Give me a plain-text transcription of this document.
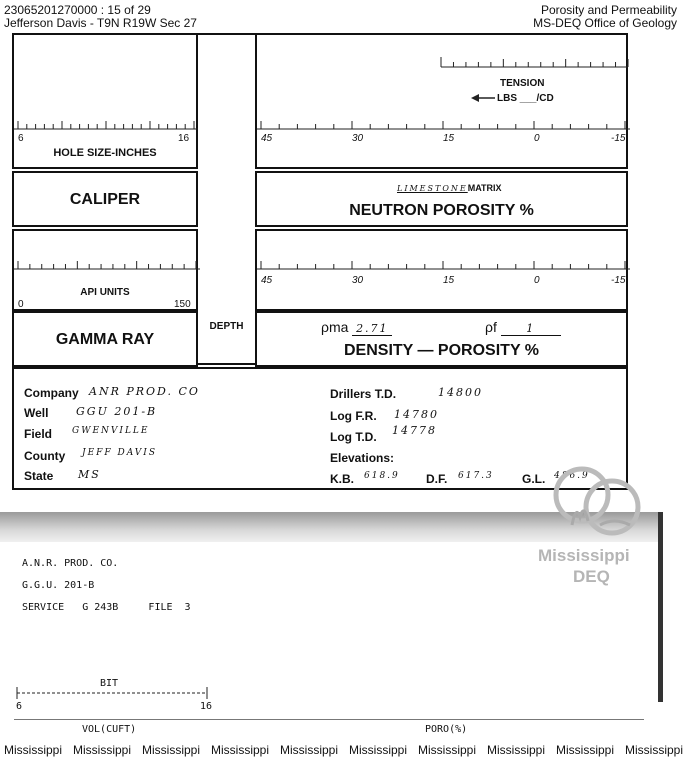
23065201270000 : 15 of 29
Jefferson Davis - T9N R19W Sec 27
Porosity and Permeability
MS-DEQ Office of Geology
6	16
HOLE SIZE-INCHES
CALIPER
DEPTH
API UNITS
0	150
GAMMA RAY
TENSION
LBS ___/CD
45	30	15	0	-15
LIMESTONEMATRIX
NEUTRON POROSITY %
45	30	15	0	-15
ρma 2.71	ρf	1
DENSITY — POROSITY %
Company ANR PROD. CO
Well	GGU 201-B
Field GWENVILLE
County JEFF DAVIS
State MS
Drillers T.D.	14800
Log F.R. 14780
Log T.D. 14778
Elevations:
K.B. 618.9 D.F. 617.3 G.L. 486.9
Mississippi
DEQ
A.N.R. PROD. CO.
G.G.U. 201-B
SERVICE   G 243B     FILE  3
BIT
6	16
VOL(CUFT)	PORO(%)
Mississippi Mississippi Mississippi Mississippi Mississippi Mississippi Mississippi Mississippi Mississippi Mississippi
